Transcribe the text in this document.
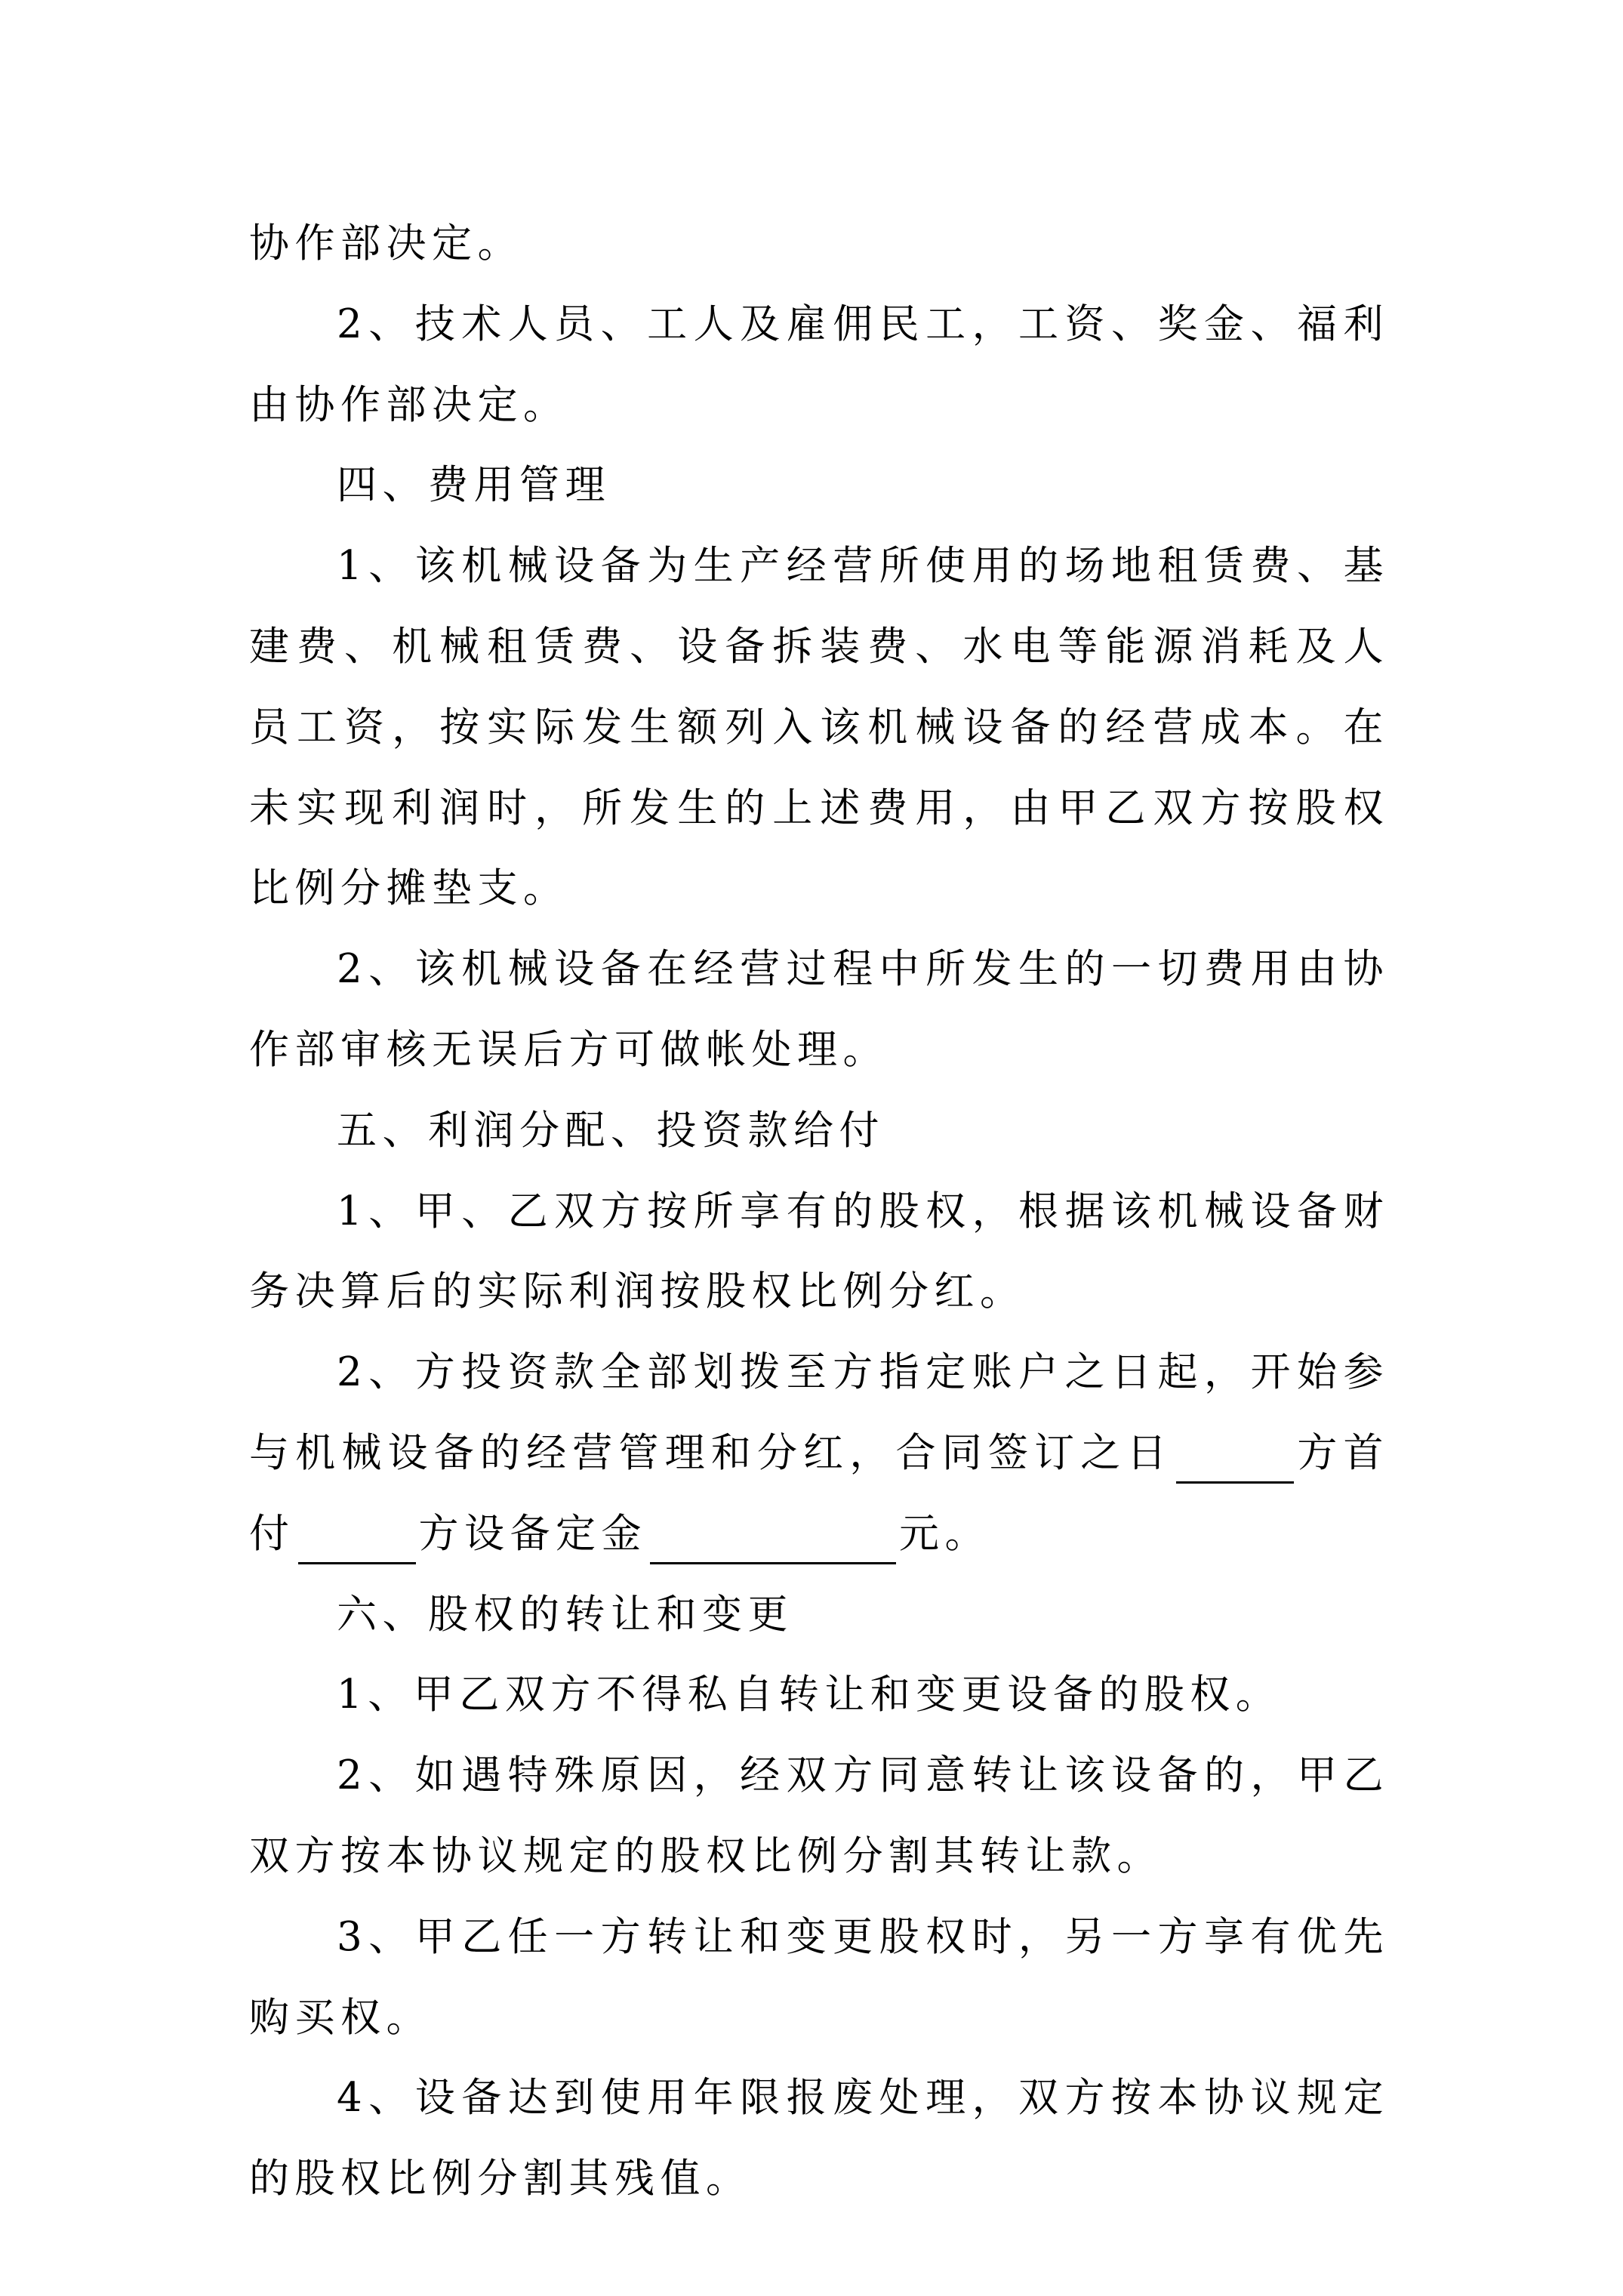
协作部决定。

2、技术人员、工人及雇佣民工，工资、奖金、福利由协作部决定。

四、费用管理

1、该机械设备为生产经营所使用的场地租赁费、基建费、机械租赁费、设备拆装费、水电等能源消耗及人员工资，按实际发生额列入该机械设备的经营成本。在未实现利润时，所发生的上述费用，由甲乙双方按股权比例分摊垫支。

2、该机械设备在经营过程中所发生的一切费用由协作部审核无误后方可做帐处理。

五、利润分配、投资款给付

1、甲、乙双方按所享有的股权，根据该机械设备财务决算后的实际利润按股权比例分红。

2、方投资款全部划拨至方指定账户之日起，开始参与机械设备的经营管理和分红，合同签订之日	方首付	方设备定金	元。

六、股权的转让和变更

1、甲乙双方不得私自转让和变更设备的股权。

2、如遇特殊原因，经双方同意转让该设备的，甲乙双方按本协议规定的股权比例分割其转让款。

3、甲乙任一方转让和变更股权时，另一方享有优先购买权。

4、设备达到使用年限报废处理，双方按本协议规定的股权比例分割其残值。
